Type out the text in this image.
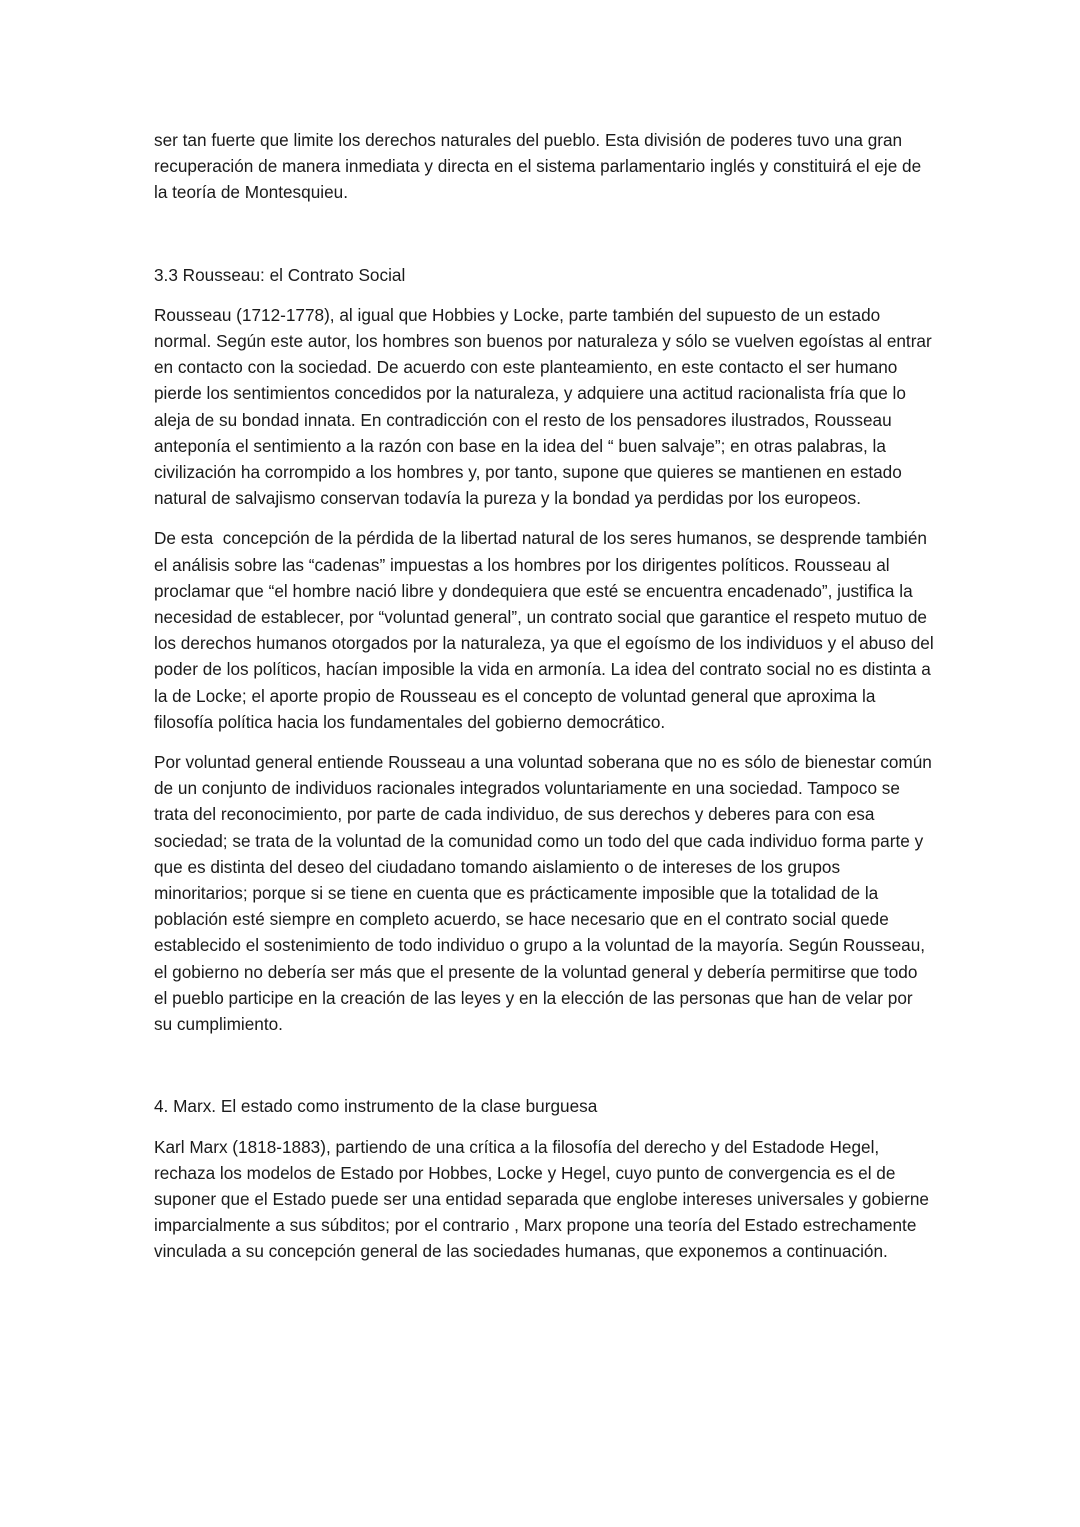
ser tan fuerte que limite los derechos naturales del pueblo. Esta división de poderes tuvo una gran recuperación de manera inmediata y directa en el sistema parlamentario inglés y constituirá el eje de la teoría de Montesquieu.

3.3 Rousseau: el Contrato Social

Rousseau (1712-1778), al igual que Hobbies y Locke, parte también del supuesto de un estado normal. Según este autor, los hombres son buenos por naturaleza y sólo se vuelven egoístas al entrar en contacto con la sociedad. De acuerdo con este planteamiento, en este contacto el ser humano pierde los sentimientos concedidos por la naturaleza, y adquiere una actitud racionalista fría que lo aleja de su bondad innata. En contradicción con el resto de los pensadores ilustrados, Rousseau anteponía el sentimiento a la razón con base en la idea del “ buen salvaje”; en otras palabras, la civilización ha corrompido a los hombres y, por tanto, supone que quieres se mantienen en estado natural de salvajismo conservan todavía la pureza y la bondad ya perdidas por los europeos.

De esta  concepción de la pérdida de la libertad natural de los seres humanos, se desprende también el análisis sobre las “cadenas” impuestas a los hombres por los dirigentes políticos. Rousseau al proclamar que “el hombre nació libre y dondequiera que esté se encuentra encadenado”, justifica la necesidad de establecer, por “voluntad general”, un contrato social que garantice el respeto mutuo de los derechos humanos otorgados por la naturaleza, ya que el egoísmo de los individuos y el abuso del poder de los políticos, hacían imposible la vida en armonía. La idea del contrato social no es distinta a la de Locke; el aporte propio de Rousseau es el concepto de voluntad general que aproxima la filosofía política hacia los fundamentales del gobierno democrático.

Por voluntad general entiende Rousseau a una voluntad soberana que no es sólo de bienestar común de un conjunto de individuos racionales integrados voluntariamente en una sociedad. Tampoco se trata del reconocimiento, por parte de cada individuo, de sus derechos y deberes para con esa sociedad; se trata de la voluntad de la comunidad como un todo del que cada individuo forma parte y que es distinta del deseo del ciudadano tomando aislamiento o de intereses de los grupos minoritarios; porque si se tiene en cuenta que es prácticamente imposible que la totalidad de la población esté siempre en completo acuerdo, se hace necesario que en el contrato social quede establecido el sostenimiento de todo individuo o grupo a la voluntad de la mayoría. Según Rousseau, el gobierno no debería ser más que el presente de la voluntad general y debería permitirse que todo el pueblo participe en la creación de las leyes y en la elección de las personas que han de velar por su cumplimiento.

4. Marx. El estado como instrumento de la clase burguesa

Karl Marx (1818-1883), partiendo de una crítica a la filosofía del derecho y del Estadode Hegel, rechaza los modelos de Estado por Hobbes, Locke y Hegel, cuyo punto de convergencia es el de suponer que el Estado puede ser una entidad separada que englobe intereses universales y gobierne imparcialmente a sus súbditos; por el contrario , Marx propone una teoría del Estado estrechamente vinculada a su concepción general de las sociedades humanas, que exponemos a continuación.
